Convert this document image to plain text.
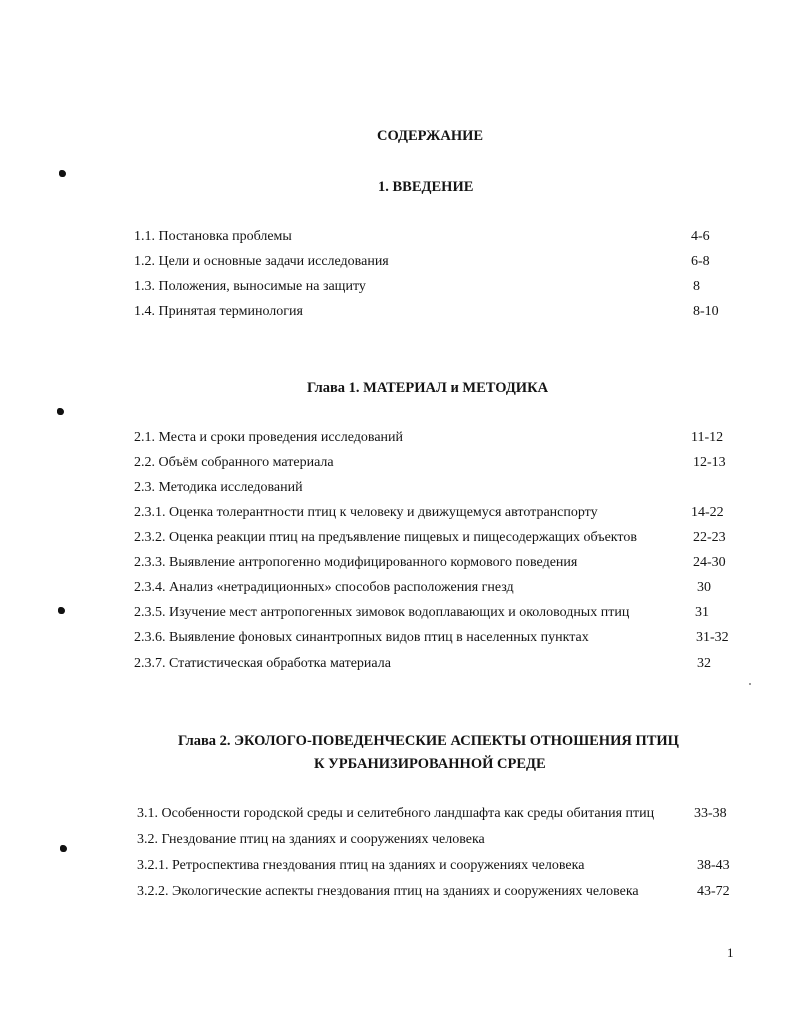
СОДЕРЖАНИЕ
1. ВВЕДЕНИЕ
1.1. Постановка проблемы	4-6
1.2. Цели и основные задачи исследования	6-8
1.3. Положения, выносимые на защиту	8
1.4. Принятая терминология	8-10
Глава 1. МАТЕРИАЛ и МЕТОДИКА
2.1. Места и сроки проведения исследований	11-12
2.2. Объём собранного материала	12-13
2.3. Методика исследований
2.3.1. Оценка толерантности птиц к человеку и движущемуся автотранспорту	14-22
2.3.2. Оценка реакции птиц на предъявление пищевых и пищесодержащих объектов	22-23
2.3.3. Выявление антропогенно модифицированного кормового поведения	24-30
2.3.4. Анализ «нетрадиционных» способов расположения гнезд	30
2.3.5. Изучение мест антропогенных зимовок водоплавающих и околоводных птиц	31
2.3.6. Выявление фоновых синантропных видов птиц в населенных пунктах	31-32
2.3.7. Статистическая обработка материала	32
Глава 2. ЭКОЛОГО-ПОВЕДЕНЧЕСКИЕ АСПЕКТЫ ОТНОШЕНИЯ ПТИЦ
К УРБАНИЗИРОВАННОЙ СРЕДЕ
3.1. Особенности городской среды и селитебного ландшафта как среды обитания птиц	33-38
3.2. Гнездование птиц на зданиях и сооружениях человека
3.2.1. Ретроспектива гнездования птиц на зданиях и сооружениях человека	38-43
3.2.2. Экологические аспекты гнездования птиц на зданиях и сооружениях человека	43-72
1
